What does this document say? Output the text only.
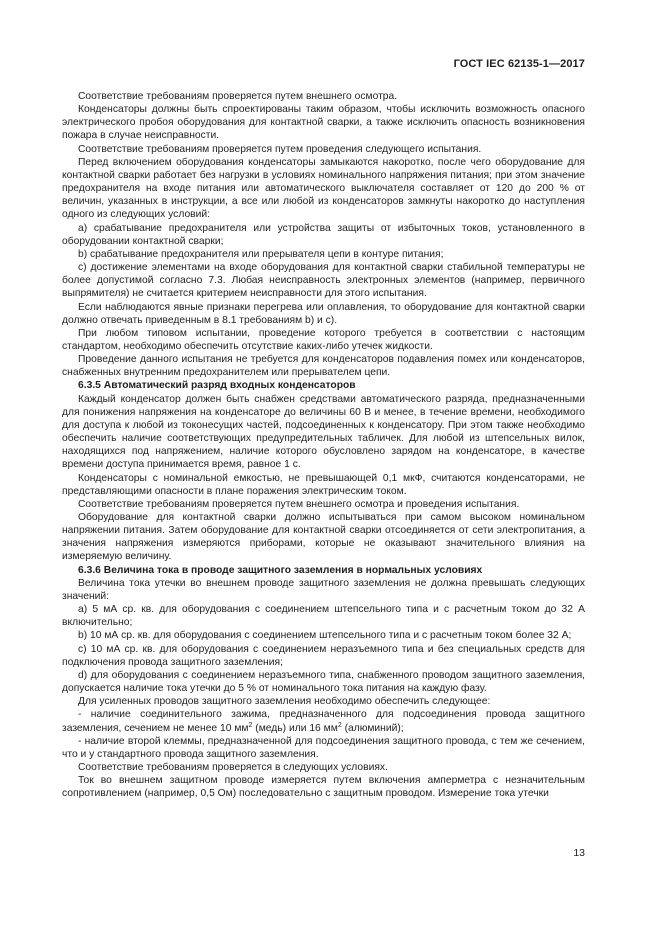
ГОСТ IEC 62135-1—2017

Соответствие требованиям проверяется путем внешнего осмотра.

Конденсаторы должны быть спроектированы таким образом, чтобы исключить возможность опасного электрического пробоя оборудования для контактной сварки, а также исключить опасность возникновения пожара в случае неисправности.

Соответствие требованиям проверяется путем проведения следующего испытания.

Перед включением оборудования конденсаторы замыкаются накоротко, после чего оборудование для контактной сварки работает без нагрузки в условиях номинального напряжения питания; при этом значение предохранителя на входе питания или автоматического выключателя составляет от 120 до 200 % от величин, указанных в инструкции, а все или любой из конденсаторов замкнуты накоротко до наступления одного из следующих условий:

a) срабатывание предохранителя или устройства защиты от избыточных токов, установленного в оборудовании контактной сварки;

b) срабатывание предохранителя или прерывателя цепи в контуре питания;

c) достижение элементами на входе оборудования для контактной сварки стабильной температуры не более допустимой согласно 7.3. Любая неисправность электронных элементов (например, первичного выпрямителя) не считается критерием неисправности для этого испытания.

Если наблюдаются явные признаки перегрева или оплавления, то оборудование для контактной сварки должно отвечать приведенным в 8.1 требованиям b) и c).

При любом типовом испытании, проведение которого требуется в соответствии с настоящим стандартом, необходимо обеспечить отсутствие каких-либо утечек жидкости.

Проведение данного испытания не требуется для конденсаторов подавления помех или конденсаторов, снабженных внутренним предохранителем или прерывателем цепи.

6.3.5 Автоматический разряд входных конденсаторов

Каждый конденсатор должен быть снабжен средствами автоматического разряда, предназначенными для понижения напряжения на конденсаторе до величины 60 В и менее, в течение времени, необходимого для доступа к любой из токонесущих частей, подсоединенных к конденсатору. При этом также необходимо обеспечить наличие соответствующих предупредительных табличек. Для любой из штепсельных вилок, находящихся под напряжением, наличие которого обусловлено зарядом на конденсаторе, в качестве времени доступа принимается время, равное 1 с.

Конденсаторы с номинальной емкостью, не превышающей 0,1 мкФ, считаются конденсаторами, не представляющими опасности в плане поражения электрическим током.

Соответствие требованиям проверяется путем внешнего осмотра и проведения испытания.

Оборудование для контактной сварки должно испытываться при самом высоком номинальном напряжении питания. Затем оборудование для контактной сварки отсоединяется от сети электропитания, а значения напряжения измеряются приборами, которые не оказывают значительного влияния на измеряемую величину.

6.3.6 Величина тока в проводе защитного заземления в нормальных условиях

Величина тока утечки во внешнем проводе защитного заземления не должна превышать следующих значений:

a) 5 мА ср. кв. для оборудования с соединением штепсельного типа и с расчетным током до 32 А включительно;

b) 10 мА ср. кв. для оборудования с соединением штепсельного типа и с расчетным током более 32 А;

c) 10 мА ср. кв. для оборудования с соединением неразъемного типа и без специальных средств для подключения провода защитного заземления;

d) для оборудования с соединением неразъемного типа, снабженного проводом защитного заземления, допускается наличие тока утечки до 5 % от номинального тока питания на каждую фазу.

Для усиленных проводов защитного заземления необходимо обеспечить следующее:

- наличие соединительного зажима, предназначенного для подсоединения провода защитного заземления, сечением не менее 10 $мм^2$ (медь) или 16 $мм^2$ (алюминий);

- наличие второй клеммы, предназначенной для подсоединения защитного провода, с тем же сечением, что и у стандартного провода защитного заземления.

Соответствие требованиям проверяется в следующих условиях.

Ток во внешнем защитном проводе измеряется путем включения амперметра с незначительным сопротивлением (например, 0,5 Ом) последовательно с защитным проводом. Измерение тока утечки

13
